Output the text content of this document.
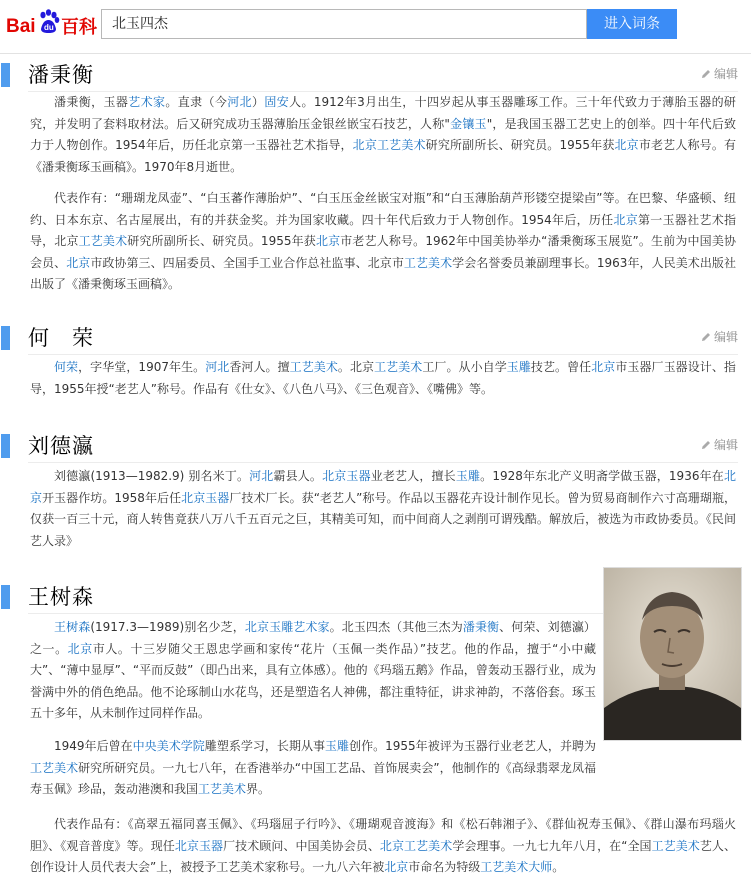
Bai du 百科	北玉四杰	进入词条
潘秉衡	编辑
潘秉衡，玉器艺术家。直隶（今河北）固安人。1912年3月出生，十四岁起从事玉器雕琢工作。三十年代致力于薄胎玉器的研究，并发明了套料取材法。后又研究成功玉器薄胎压金银丝嵌宝石技艺，人称"金镶玉"，是我国玉器工艺史上的创举。四十年代后致力于人物创作。1954年后，历任北京第一玉器社艺术指导，北京工艺美术研究所副所长、研究员。1955年获北京市老艺人称号。有《潘秉衡琢玉画稿》。1970年8月逝世。
代表作有：“珊瑚龙凤壶”、“白玉蕃作薄胎炉”、“白玉压金丝嵌宝对瓶”和“白玉薄胎葫芦形镂空提梁卣”等。在巴黎、华盛顿、纽约、日本东京、名古屋展出，有的并获金奖。并为国家收藏。四十年代后致力于人物创作。1954年后，历任北京第一玉器社艺术指导，北京工艺美术研究所副所长、研究员。1955年获北京市老艺人称号。1962年中国美协举办“潘秉衡琢玉展览”。生前为中国美协会员、北京市政协第三、四届委员、全国手工业合作总社监事、北京市工艺美术学会名誉委员兼副理事长。1963年，人民美术出版社出版了《潘秉衡琢玉画稿》。
何　荣	编辑
何荣，字华堂，1907年生。河北香河人。擅工艺美术。北京工艺美术工厂。从小自学玉雕技艺。曾任北京市玉器厂玉器设计、指导，1955年授“老艺人”称号。作品有《仕女》、《八色八马》、《三色观音》、《嘴佛》等。
刘德瀛	编辑
刘德瀛(1913—1982.9) 别名米丁。河北霸县人。北京玉器业老艺人，擅长玉雕。1928年东北产义明斋学做玉器，1936年在北京开玉器作坊。1958年后任北京玉器厂技术厂长。获“老艺人”称号。作品以玉器花卉设计制作见长。曾为贸易商制作六寸高珊瑚瓶，仅获一百三十元，商人转售竟获八万八千五百元之巨，其精美可知，而中间商人之剥削可谓残酷。解放后，被选为市政协委员。《民间艺人录》
王树森
王树森(1917.3—1989)别名少芝，北京玉雕艺术家。北玉四杰（其他三杰为潘秉衡、何荣、刘德瀛）之一。北京市人。十三岁随父王恩忠学画和家传“花片（玉佩一类作品）”技艺。他的作品，擅于“小中藏大”、“薄中显厚”、“平而反鼓”（即凸出来，具有立体感）。他的《玛瑙五鹅》作品，曾轰动玉器行业，成为誉满中外的俏色绝品。他不论琢制山水花鸟，还是塑造名人神佛，都注重特征，讲求神韵，不落俗套。琢玉五十多年，从未制作过同样作品。
1949年后曾在中央美术学院雕塑系学习，长期从事玉雕创作。1955年被评为玉器行业老艺人，并聘为工艺美术研究所研究员。一九七八年，在香港举办“中国工艺品、首饰展卖会”，他制作的《高绿翡翠龙凤福寿玉佩》珍品，轰动港澳和我国工艺美术界。
代表作品有：《高翠五福同喜玉佩》、《玛瑙屈子行吟》、《珊瑚观音渡海》和《松石韩湘子》、《群仙祝寿玉佩》、《群山瀑布玛瑙火胆》、《观音普度》等。现任北京玉器厂技术顾问、中国美协会员、北京工艺美术学会理事。一九七九年八月，在“全国工艺美术艺人、创作设计人员代表大会”上，被授予工艺美术家称号。一九八六年被北京市命名为特级工艺美术大师。
